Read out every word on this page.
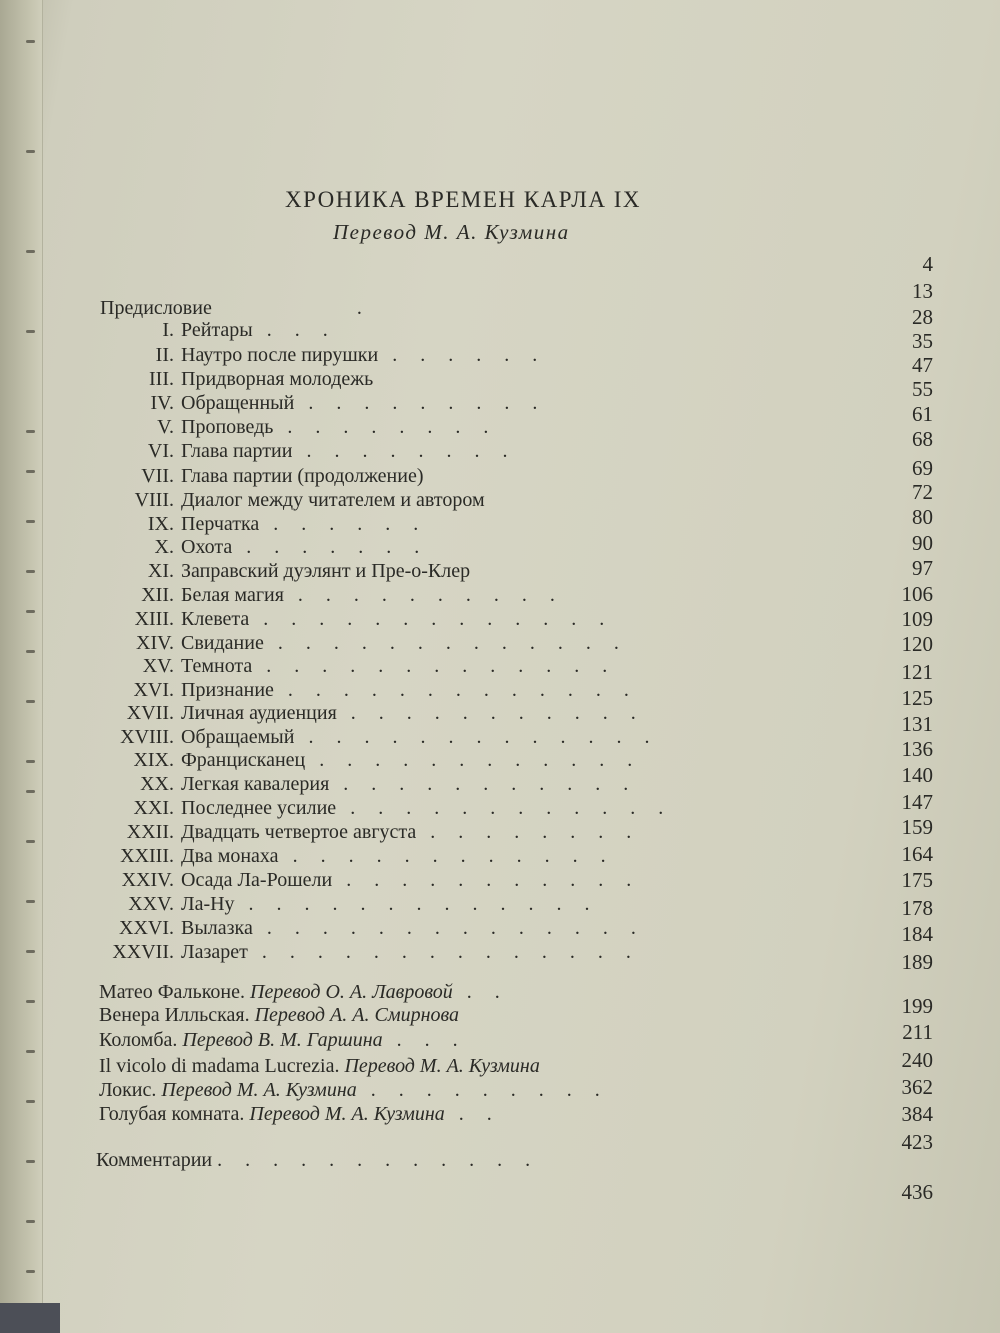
ХРОНИКА ВРЕМЕН КАРЛА IX
Перевод М. А. Кузмина
4
13
Предисловие	.
I. Рейтары . . .
II. Наутро после пирушки . . . . . .
III. Придворная молодежь
IV. Обращенный . . . . . . . . .
V. Проповедь . . . . . . . .
VI. Глава партии . . . . . . . .
VII. Глава партии (продолжение)
VIII. Диалог между читателем и автором
IX. Перчатка . . . . . .
X. Охота . . . . . . .
XI. Заправский дуэлянт и Пре-о-Клер
XII. Белая магия . . . . . . . . . .
XIII. Клевета . . . . . . . . . . . . .
XIV. Свидание . . . . . . . . . . . . .
XV. Темнота . . . . . . . . . . . . .
XVI. Признание . . . . . . . . . . . . .
XVII. Личная аудиенция . . . . . . . . . . .
XVIII. Обращаемый . . . . . . . . . . . . .
XIX. Францисканец . . . . . . . . . . . .
XX. Легкая кавалерия . . . . . . . . . . .
XXI. Последнее усилие . . . . . . . . . . . .
XXII. Двадцать четвертое августа . . . . . . . .
XXIII. Два монаха . . . . . . . . . . . .
XXIV. Осада Ла-Рошели . . . . . . . . . . .
XXV. Ла-Ну . . . . . . . . . . . . .
XXVI. Вылазка . . . . . . . . . . . . . .
XXVII. Лазарет . . . . . . . . . . . . . .
28
35
47
55
61
68
69
72
80
90
97
106
109
120
121
125
131
136
140
147
159
164
175
178
184
189
199
211
240
362
384
423
436
Матео Фальконе. Перевод О. А. Лавровой . .
Венера Илльская. Перевод А. А. Смирнова
Коломба. Перевод В. М. Гаршина . . .
Il vicolo di madama Lucrezia. Перевод М. А. Кузмина
Локис. Перевод М. А. Кузмина . . . . . . . . .
Голубая комната. Перевод М. А. Кузмина . .
Комментарии . . . . . . . . . . . .
